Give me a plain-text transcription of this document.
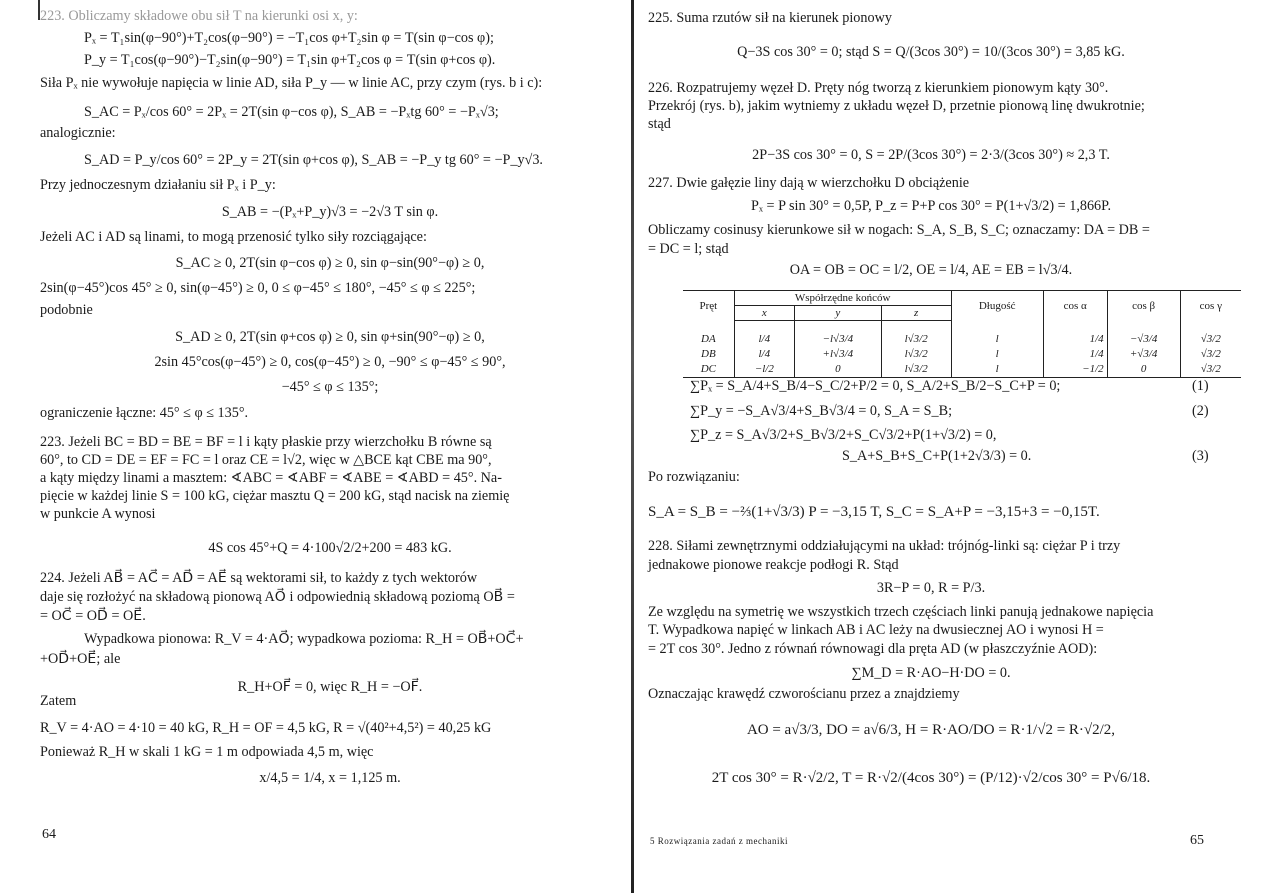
64
223. Obliczamy składowe obu sił T na kierunki osi x, y:
Pₓ = T₁sin(φ−90°)+T₂cos(φ−90°) = −T₁cos φ+T₂sin φ = T(sin φ−cos φ);
P_y = T₁cos(φ−90°)−T₂sin(φ−90°) = T₁sin φ+T₂cos φ = T(sin φ+cos φ).
Siła Pₓ nie wywołuje napięcia w linie AD, siła P_y — w linie AC, przy czym (rys. b i c):
S_AC = Pₓ/cos 60° = 2Pₓ = 2T(sin φ−cos φ), S_AB = −Pₓtg 60° = −Pₓ√3;
analogicznie:
S_AD = P_y/cos 60° = 2P_y = 2T(sin φ+cos φ), S_AB = −P_y tg 60° = −P_y√3.
Przy jednoczesnym działaniu sił Pₓ i P_y:
S_AB = −(Pₓ+P_y)√3 = −2√3 T sin φ.
Jeżeli AC i AD są linami, to mogą przenosić tylko siły rozciągające:
S_AC ≥ 0, 2T(sin φ−cos φ) ≥ 0, sin φ−sin(90°−φ) ≥ 0,
2sin(φ−45°)cos 45° ≥ 0, sin(φ−45°) ≥ 0, 0 ≤ φ−45° ≤ 180°, −45° ≤ φ ≤ 225°;
podobnie
S_AD ≥ 0, 2T(sin φ+cos φ) ≥ 0, sin φ+sin(90°−φ) ≥ 0,
2sin 45°cos(φ−45°) ≥ 0, cos(φ−45°) ≥ 0, −90° ≤ φ−45° ≤ 90°,
−45° ≤ φ ≤ 135°;
ograniczenie łączne: 45° ≤ φ ≤ 135°.
223. Jeżeli BC = BD = BE = BF = l i kąty płaskie przy wierzchołku B równe są
60°, to CD = DE = EF = FC = l oraz CE = l√2, więc w △BCE kąt CBE ma 90°,
a kąty między linami a masztem: ∢ABC = ∢ABF = ∢ABE = ∢ABD = 45°. Na-
pięcie w każdej linie S = 100 kG, ciężar masztu Q = 200 kG, stąd nacisk na ziemię
w punkcie A wynosi
4S cos 45°+Q = 4·100√2/2+200 = 483 kG.
224. Jeżeli AB⃗ = AC⃗ = AD⃗ = AE⃗ są wektorami sił, to każdy z tych wektorów
daje się rozłożyć na składową pionową AO⃗ i odpowiednią składową poziomą OB⃗ =
= OC⃗ = OD⃗ = OE⃗.
Wypadkowa pionowa: R_V = 4·AO⃗; wypadkowa pozioma: R_H = OB⃗+OC⃗+
+OD⃗+OE⃗; ale
R_H+OF⃗ = 0, więc R_H = −OF⃗.
Zatem
R_V = 4·AO = 4·10 = 40 kG, R_H = OF = 4,5 kG, R = √(40²+4,5²) = 40,25 kG
Ponieważ R_H w skali 1 kG = 1 m odpowiada 4,5 m, więc
x/4,5 = 1/4, x = 1,125 m.
Pręt	Współrzędne końców			Długość	cos α	cos β	cos γ
	x	y	z				
DA	l/4	−l√3/4	l√3/2	l	1/4	−√3/4	√3/2
DB	l/4	+l√3/4	l√3/2	l	1/4	+√3/4	√3/2
DC	−l/2	0	l√3/2	l	−1/2	0	√3/2
5 Rozwiązania zadań z mechaniki	65
225. Suma rzutów sił na kierunek pionowy
Q−3S cos 30° = 0; stąd S = Q/(3cos 30°) = 10/(3cos 30°) = 3,85 kG.
226. Rozpatrujemy węzeł D. Pręty nóg tworzą z kierunkiem pionowym kąty 30°.
Przekrój (rys. b), jakim wytniemy z układu węzeł D, przetnie pionową linę dwukrotnie;
stąd
2P−3S cos 30° = 0, S = 2P/(3cos 30°) = 2·3/(3cos 30°) ≈ 2,3 T.
227. Dwie gałęzie liny dają w wierzchołku D obciążenie
Pₓ = P sin 30° = 0,5P, P_z = P+P cos 30° = P(1+√3/2) = 1,866P.
Obliczamy cosinusy kierunkowe sił w nogach: S_A, S_B, S_C; oznaczamy: DA = DB =
= DC = l; stąd
OA = OB = OC = l/2, OE = l/4, AE = EB = l√3/4.
∑Pₓ = S_A/4+S_B/4−S_C/2+P/2 = 0, S_A/2+S_B/2−S_C+P = 0;
∑P_y = −S_A√3/4+S_B√3/4 = 0, S_A = S_B;
∑P_z = S_A√3/2+S_B√3/2+S_C√3/2+P(1+√3/2) = 0,
S_A+S_B+S_C+P(1+2√3/3) = 0.
Po rozwiązaniu:
S_A = S_B = −⅔(1+√3/3) P = −3,15 T, S_C = S_A+P = −3,15+3 = −0,15T.
228. Siłami zewnętrznymi oddziałującymi na układ: trójnóg-linki są: ciężar P i trzy
jednakowe pionowe reakcje podłogi R. Stąd
3R−P = 0, R = P/3.
Ze względu na symetrię we wszystkich trzech częściach linki panują jednakowe napięcia
T. Wypadkowa napięć w linkach AB i AC leży na dwusiecznej AO i wynosi H =
= 2T cos 30°. Jedno z równań równowagi dla pręta AD (w płaszczyźnie AOD):
∑M_D = R·AO−H·DO = 0.
Oznaczając krawędź czworościanu przez a znajdziemy
AO = a√3/3, DO = a√6/3, H = R·AO/DO = R·1/√2 = R·√2/2,
2T cos 30° = R·√2/2, T = R·√2/(4cos 30°) = (P/12)·√2/cos 30° = P√6/18.
(1)
(2)
(3)
